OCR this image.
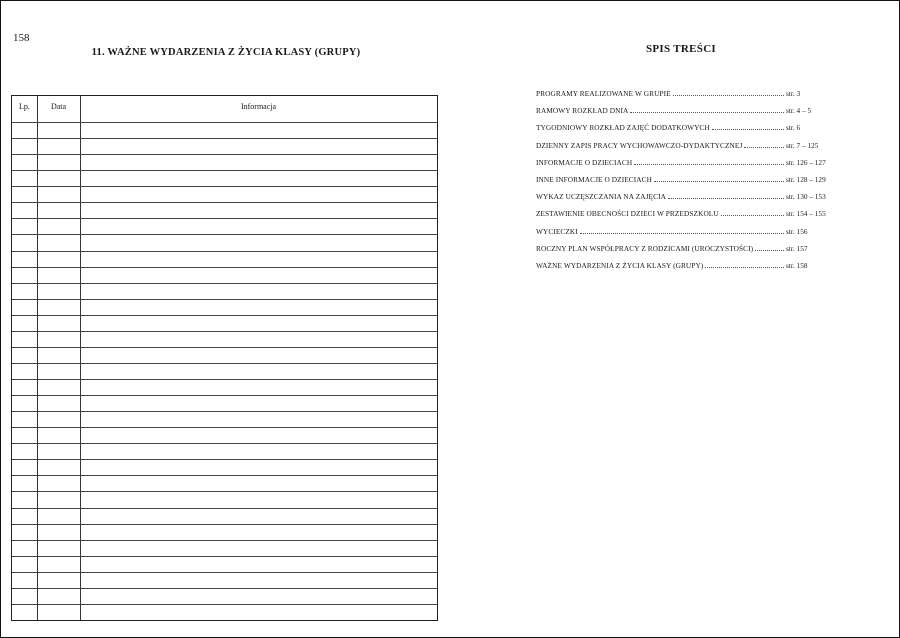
158
11. WAŻNE WYDARZENIA Z ŻYCIA KLASY (GRUPY)
Lp.	Data	Informacja
SPIS TREŚCI
PROGRAMY REALIZOWANE W GRUPIE	str. 3
RAMOWY ROZKŁAD DNIA	str. 4 – 5
TYGODNIOWY ROZKŁAD ZAJĘĆ DODATKOWYCH	str. 6
DZIENNY ZAPIS PRACY WYCHOWAWCZO-DYDAKTYCZNEJ	str. 7 – 125
INFORMACJE O DZIECIACH	str. 126 – 127
INNE INFORMACJE O DZIECIACH	str. 128 – 129
WYKAZ UCZĘSZCZANIA NA ZAJĘCIA	str. 130 – 153
ZESTAWIENIE OBECNOŚCI DZIECI W PRZEDSZKOLU	str. 154 – 155
WYCIECZKI	str. 156
ROCZNY PLAN WSPÓŁPRACY Z RODZICAMI (UROCZYSTOŚCI)	str. 157
WAŻNE WYDARZENIA Z ŻYCIA KLASY (GRUPY)	str. 158
